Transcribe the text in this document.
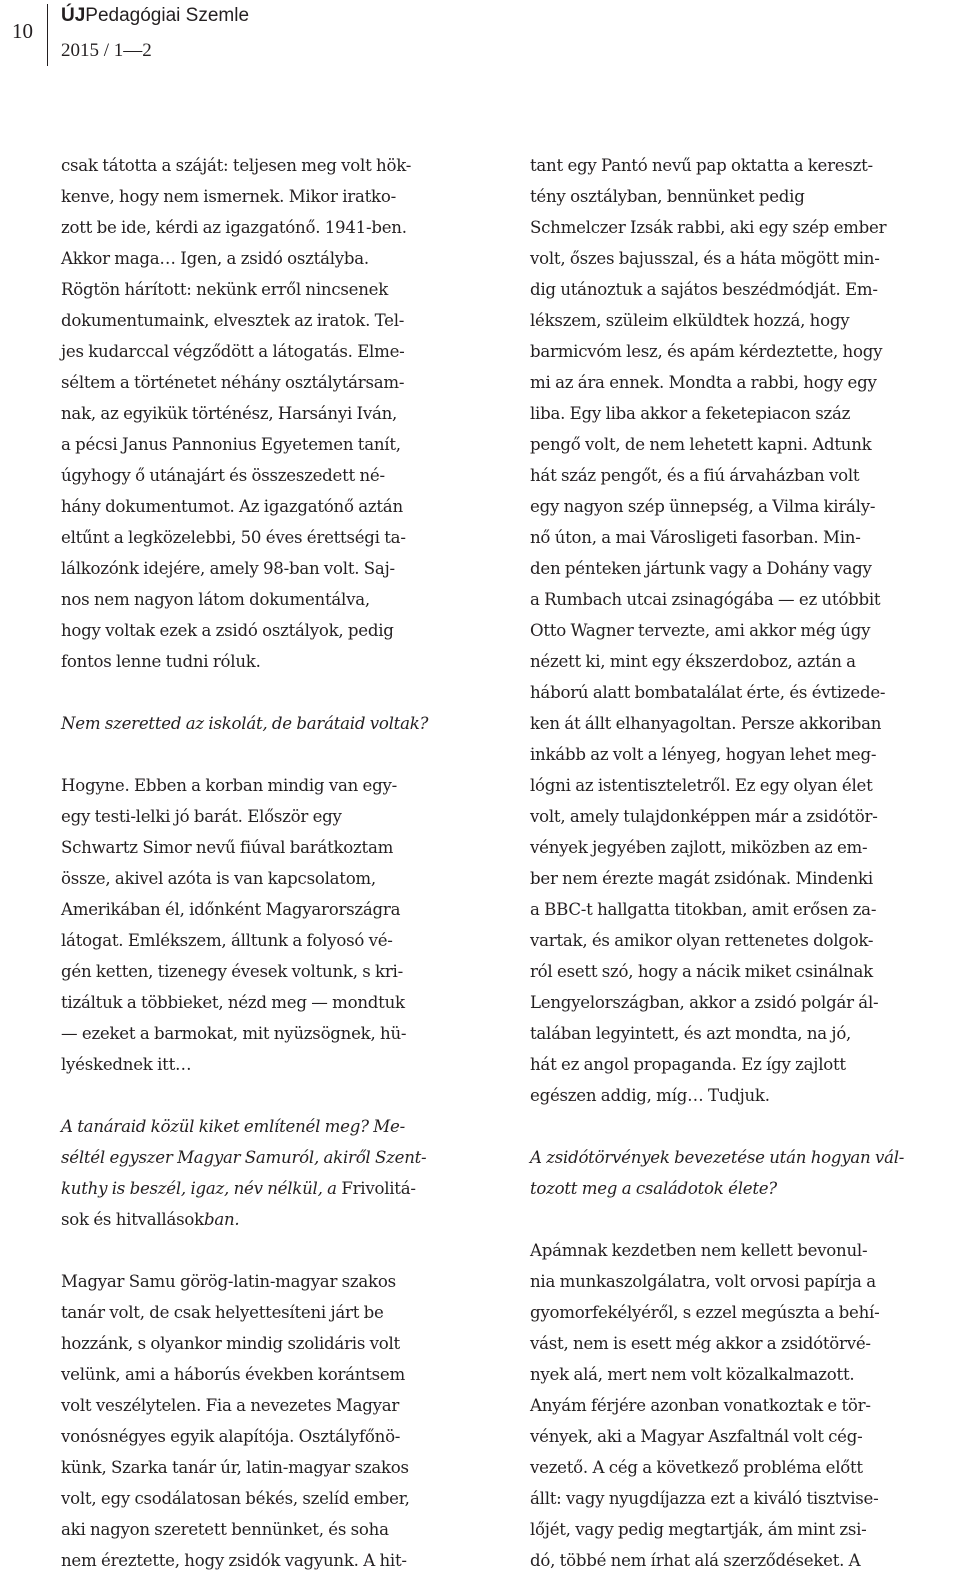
10
ÚJPedagógiai Szemle
2015 / 1—2
csak tátotta a száját: teljesen meg volt hök-
kenve, hogy nem ismernek. Mikor iratko-
zott be ide, kérdi az igazgatónő. 1941-ben.
Akkor maga… Igen, a zsidó osztályba.
Rögtön hárított: nekünk erről nincsenek
dokumentumaink, elvesztek az iratok. Tel-
jes kudarccal végződött a látogatás. Elme-
séltem a történetet néhány osztálytársam-
nak, az egyikük történész, Harsányi Iván,
a pécsi Janus Pannonius Egyetemen tanít,
úgyhogy ő utánajárt és összeszedett né-
hány dokumentumot. Az igazgatónő aztán
eltűnt a legközelebbi, 50 éves érettségi ta-
lálkozónk idejére, amely 98-ban volt. Saj-
nos nem nagyon látom dokumentálva,
hogy voltak ezek a zsidó osztályok, pedig
fontos lenne tudni róluk.
Nem szeretted az iskolát, de barátaid voltak?
Hogyne. Ebben a korban mindig van egy-
egy testi-lelki jó barát. Először egy
Schwartz Simor nevű fiúval barátkoztam
össze, akivel azóta is van kapcsolatom,
Amerikában él, időnként Magyarországra
látogat. Emlékszem, álltunk a folyosó vé-
gén ketten, tizenegy évesek voltunk, s kri-
tizáltuk a többieket, nézd meg — mondtuk
— ezeket a barmokat, mit nyüzsögnek, hü-
lyéskednek itt…
A tanáraid közül kiket említenél meg? Me-
séltél egyszer Magyar Samuról, akiről Szent-
kuthy is beszél, igaz, név nélkül, a Frivolitá-
sok és hitvallásokban.
Magyar Samu görög-latin-magyar szakos
tanár volt, de csak helyettesíteni járt be
hozzánk, s olyankor mindig szolidáris volt
velünk, ami a háborús években korántsem
volt veszélytelen. Fia a nevezetes Magyar
vonósnégyes egyik alapítója. Osztályfőnö-
künk, Szarka tanár úr, latin-magyar szakos
volt, egy csodálatosan békés, szelíd ember,
aki nagyon szeretett bennünket, és soha
nem éreztette, hogy zsidók vagyunk. A hit-
tant egy Pantó nevű pap oktatta a kereszt-
tény osztályban, bennünket pedig
Schmelczer Izsák rabbi, aki egy szép ember
volt, őszes bajusszal, és a háta mögött min-
dig utánoztuk a sajátos beszédmódját. Em-
lékszem, szüleim elküldtek hozzá, hogy
barmicvóm lesz, és apám kérdeztette, hogy
mi az ára ennek. Mondta a rabbi, hogy egy
liba. Egy liba akkor a feketepiacon száz
pengő volt, de nem lehetett kapni. Adtunk
hát száz pengőt, és a fiú árvaházban volt
egy nagyon szép ünnepség, a Vilma király-
nő úton, a mai Városligeti fasorban. Min-
den pénteken jártunk vagy a Dohány vagy
a Rumbach utcai zsinagógába — ez utóbbit
Otto Wagner tervezte, ami akkor még úgy
nézett ki, mint egy ékszerdoboz, aztán a
háború alatt bombatalálat érte, és évtizede-
ken át állt elhanyagoltan. Persze akkoriban
inkább az volt a lényeg, hogyan lehet meg-
lógni az istentiszteletről. Ez egy olyan élet
volt, amely tulajdonképpen már a zsidótör-
vények jegyében zajlott, miközben az em-
ber nem érezte magát zsidónak. Mindenki
a BBC-t hallgatta titokban, amit erősen za-
vartak, és amikor olyan rettenetes dolgok-
ról esett szó, hogy a nácik miket csinálnak
Lengyelországban, akkor a zsidó polgár ál-
talában legyintett, és azt mondta, na jó,
hát ez angol propaganda. Ez így zajlott
egészen addig, míg… Tudjuk.
A zsidótörvények bevezetése után hogyan vál-
tozott meg a családotok élete?
Apámnak kezdetben nem kellett bevonul-
nia munkaszolgálatra, volt orvosi papírja a
gyomorfekélyéről, s ezzel megúszta a behí-
vást, nem is esett még akkor a zsidótörvé-
nyek alá, mert nem volt közalkalmazott.
Anyám férjére azonban vonatkoztak e tör-
vények, aki a Magyar Aszfaltnál volt cég-
vezető. A cég a következő probléma előtt
állt: vagy nyugdíjazza ezt a kiváló tisztvise-
lőjét, vagy pedig megtartják, ám mint zsi-
dó, többé nem írhat alá szerződéseket. A
